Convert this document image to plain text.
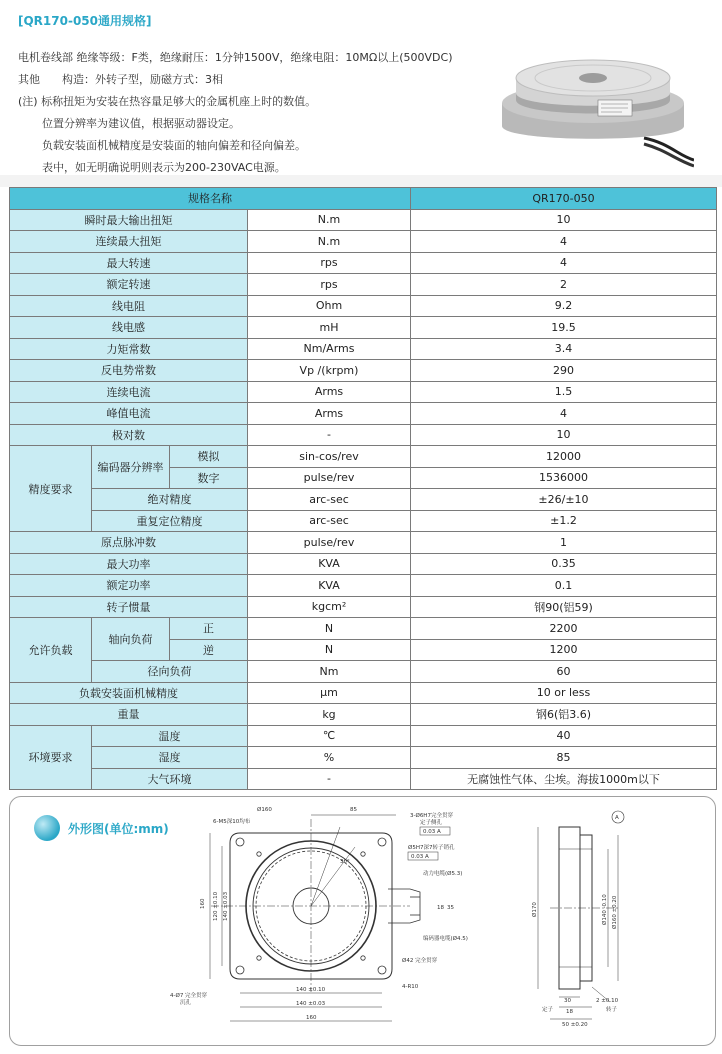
[QR170-050通用规格]
电机卷线部 绝缘等级：F类，绝缘耐压：1分钟1500V，绝缘电阻：10MΩ以上(500VDC)
其他　　构造：外转子型，励磁方式：3相
(注) 标称扭矩为安装在热容量足够大的金属机座上时的数值。
位置分辨率为建议值，根据驱动器设定。
负载安装面机械精度是安装面的轴向偏差和径向偏差。
表中，如无明确说明则表示为200-230VAC电源。
规格名称				QR170-050
瞬时最大输出扭矩			N.m	10
连续最大扭矩			N.m	4
最大转速			rps	4
额定转速			rps	2
线电阻			Ohm	9.2
线电感			mH	19.5
力矩常数			Nm/Arms	3.4
反电势常数			Vp /(krpm)	290
连续电流			Arms	1.5
峰值电流			Arms	4
极对数			-	10
精度要求	编码器分辨率	模拟	sin-cos/rev	12000
		数字	pulse/rev	1536000
	绝对精度		arc-sec	±26/±10
	重复定位精度		arc-sec	±1.2
原点脉冲数			pulse/rev	1
最大功率			KVA	0.35
额定功率			KVA	0.1
转子惯量			kgcm²	钢90(铝59)
允许负载	轴向负荷	正	N	2200
		逆	N	1200
	径向负荷		Nm	60
负载安装面机械精度			μm	10 or less
重量			kg	钢6(铝3.6)
环境要求	温度		℃	40
	湿度		%	85
	大气环境		-	无腐蚀性气体、尘埃。海拔1000m以下
外形图(单位:mm)
Ø160	85
6-M5深10均布
3-Ø6H7完全贯穿
定子侧孔
0.03 A
Ø5H7深7转子销孔
0.03 A
30°
动力电缆(Ø5.3)
编码器电缆(Ø4.5)
Ø42 完全贯穿
4-R10
18 35
4-Ø7 完全贯穿
沉孔
160 120 ±0.10 140 ±0.03
140 ±0.10
140 ±0.03
160
Ø170	Ø140 -0.10 Ø160 ±0.20
A
30	2 ±0.10
18
50 ±0.20
定子	转子
